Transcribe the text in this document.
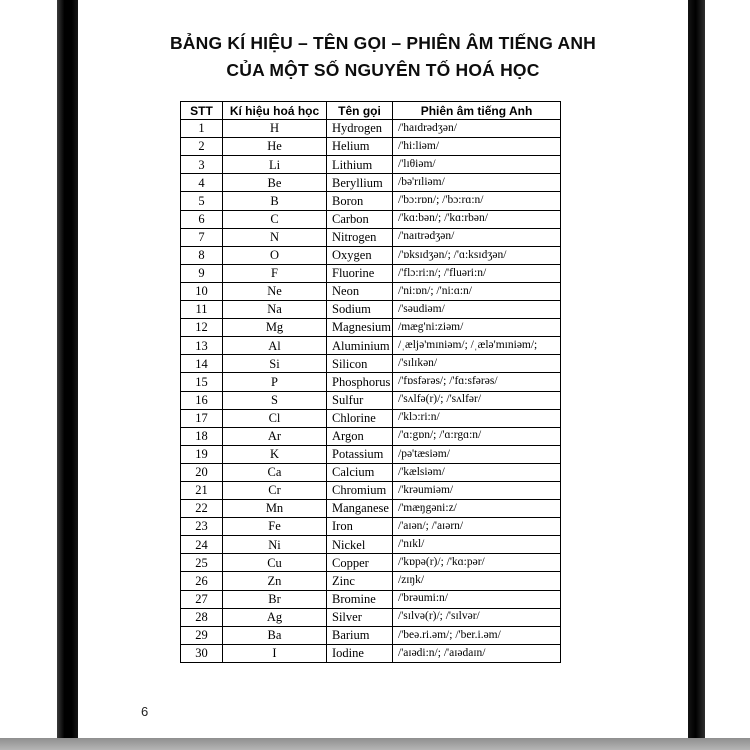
BẢNG KÍ HIỆU – TÊN GỌI – PHIÊN ÂM TIẾNG ANH
CỦA MỘT SỐ NGUYÊN TỐ HOÁ HỌC
STT	Kí hiệu hoá học	Tên gọi	Phiên âm tiếng Anh
1	H	Hydrogen	/'haɪdrədʒən/
2	He	Helium	/'hi:liəm/
3	Li	Lithium	/'lɪθiəm/
4	Be	Beryllium	/bə'rɪliəm/
5	B	Boron	/'bɔ:rɒn/; /'bɔ:rɑ:n/
6	C	Carbon	/'kɑ:bən/; /'kɑ:rbən/
7	N	Nitrogen	/'naɪtrədʒən/
8	O	Oxygen	/'ɒksɪdʒən/; /'ɑ:ksɪdʒən/
9	F	Fluorine	/'flɔ:ri:n/; /'fluəri:n/
10	Ne	Neon	/'ni:ɒn/; /'ni:ɑ:n/
11	Na	Sodium	/'səudiəm/
12	Mg	Magnesium	/mæg'ni:ziəm/
13	Al	Aluminium	/ˌæljə'mɪniəm/; /ˌælə'mɪniəm/;
14	Si	Silicon	/'sɪlɪkən/
15	P	Phosphorus	/'fɒsfərəs/; /'fɑ:sfərəs/
16	S	Sulfur	/'sʌlfə(r)/; /'sʌlfər/
17	Cl	Chlorine	/'klɔ:ri:n/
18	Ar	Argon	/'ɑ:gɒn/; /'ɑ:rgɑ:n/
19	K	Potassium	/pə'tæsiəm/
20	Ca	Calcium	/'kælsiəm/
21	Cr	Chromium	/'krəumiəm/
22	Mn	Manganese	/'mæŋgəni:z/
23	Fe	Iron	/'aɪən/; /'aɪərn/
24	Ni	Nickel	/'nɪkl/
25	Cu	Copper	/'kɒpə(r)/; /'kɑ:pər/
26	Zn	Zinc	/zɪŋk/
27	Br	Bromine	/'brəumi:n/
28	Ag	Silver	/'sɪlvə(r)/; /'sɪlvər/
29	Ba	Barium	/'beə.ri.əm/; /'ber.i.əm/
30	I	Iodine	/'aɪədi:n/; /'aɪədaɪn/
6
